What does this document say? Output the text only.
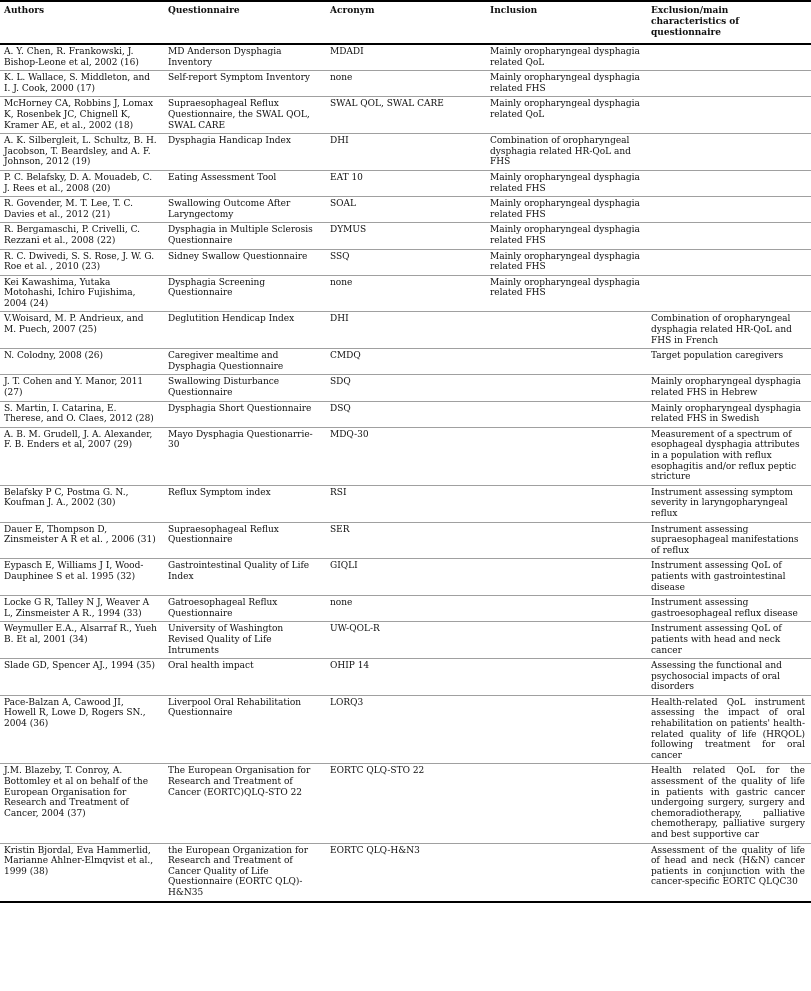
Authors	Questionnaire	Acronym	Inclusion	Exclusion/main characteristics of questionnaire
A. Y. Chen, R. Frankowski, J. Bishop-Leone et al, 2002 (16)	MD Anderson Dysphagia Inventory	MDADI	Mainly oropharyngeal dysphagia related QoL	
K. L. Wallace, S. Middleton, and I. J. Cook, 2000 (17)	Self-report Symptom Inventory	none	Mainly oropharyngeal dysphagia related FHS	
McHorney CA, Robbins J, Lomax K, Rosenbek JC, Chignell K, Kramer AE, et al., 2002 (18)	Supraesophageal Reflux Questionnaire, the SWAL QOL, SWAL CARE	SWAL QOL, SWAL CARE	Mainly oropharyngeal dysphagia related QoL	
A. K. Silbergleit, L. Schultz, B. H. Jacobson, T. Beardsley, and A. F. Johnson, 2012 (19)	Dysphagia Handicap Index	DHI	Combination of oropharyngeal dysphagia related HR-QoL and FHS	
P. C. Belafsky, D. A. Mouadeb, C. J. Rees et al., 2008 (20)	Eating Assessment Tool	EAT 10	Mainly oropharyngeal dysphagia related FHS	
R. Govender, M. T. Lee, T. C. Davies et al., 2012 (21)	Swallowing Outcome After Laryngectomy	SOAL	Mainly oropharyngeal dysphagia related FHS	
R. Bergamaschi, P. Crivelli, C. Rezzani et al., 2008 (22)	Dysphagia in Multiple Sclerosis Questionnaire	DYMUS	Mainly oropharyngeal dysphagia related FHS	
R. C. Dwivedi, S. S. Rose, J. W. G. Roe et al. , 2010 (23)	Sidney Swallow Questionnaire	SSQ	Mainly oropharyngeal dysphagia related FHS	
Kei Kawashima, Yutaka Motohashi, Ichiro Fujishima, 2004 (24)	Dysphagia Screening Questionnaire	none	Mainly oropharyngeal dysphagia related FHS	
V.Woisard, M. P. Andrieux, and M. Puech, 2007 (25)	Deglutition Hendicap Index	DHI		Combination of oropharyngeal dysphagia related HR-QoL and FHS in French
N. Colodny, 2008 (26)	Caregiver mealtime and Dysphagia Questionnaire	CMDQ		Target population caregivers
J. T. Cohen and Y. Manor, 2011 (27)	Swallowing Disturbance Questionnaire	SDQ		Mainly oropharyngeal dysphagia related FHS in Hebrew
S. Martin, I. Catarina, E. Therese, and O. Claes, 2012 (28)	Dysphagia Short Questionnaire	DSQ		Mainly oropharyngeal dysphagia related FHS in Swedish
A. B. M. Grudell, J. A. Alexander, F. B. Enders et al, 2007 (29)	Mayo Dysphagia Questionarrie-30	MDQ-30		Measurement of a spectrum of esophageal dysphagia attributes in a population with reflux esophagitis and/or reflux peptic stricture
Belafsky P C, Postma G. N., Koufman J. A., 2002 (30)	Reflux Symptom index	RSI		Instrument assessing symptom severity in laryngopharyngeal reflux
Dauer E, Thompson D, Zinsmeister A R et al. , 2006 (31)	Supraesophageal Reflux Questionnaire	SER		Instrument assessing supraesophageal manifestations of reflux
Eypasch E, Williams J I, Wood-Dauphinee S et al. 1995 (32)	Gastrointestinal Quality of Life Index	GIQLI		Instrument assessing QoL of patients with gastrointestinal disease
Locke G R, Talley N J, Weaver A L, Zinsmeister A R., 1994 (33)	Gatroesophageal Reflux Questionnaire	none		Instrument assessing gastroesophageal reflux disease
Weymuller E.A., Alsarraf R., Yueh B. Et al, 2001 (34)	University of Washington Revised Quality of Life Intruments	UW-QOL-R		Instrument assessing QoL of patients with head and neck cancer
Slade GD, Spencer AJ., 1994 (35)	Oral health impact	OHIP 14		Assessing the functional and psychosocial impacts of oral disorders
Pace-Balzan A, Cawood JI, Howell R, Lowe D, Rogers SN., 2004 (36)	Liverpool Oral Rehabilitation Questionnaire	LORQ3		Health-related QoL instrument assessing the impact of oral rehabilitation on patients' health-related quality of life (HRQOL) following treatment for oral cancer
J.M. Blazeby, T. Conroy, A. Bottomley et al on behalf of the European Organisation for Research and Treatment of Cancer, 2004 (37)	The European Organisation for Research and Treatment of Cancer (EORTC)QLQ-STO 22	EORTC QLQ-STO 22		Health related QoL for the assessment of the quality of life in patients with gastric cancer undergoing surgery, surgery and chemoradiotherapy, palliative chemotherapy, palliative surgery and best supportive car
Kristin Bjordal, Eva Hammerlid, Marianne Ahlner-Elmqvist et al., 1999 (38)	the European Organization for Research and Treatment of Cancer Quality of Life Questionnaire (EORTC QLQ)-H&N35	EORTC QLQ-H&N3		Assessment of the quality of life of head and neck (H&N) cancer patients in conjunction with the cancer-specific EORTC QLQC30
